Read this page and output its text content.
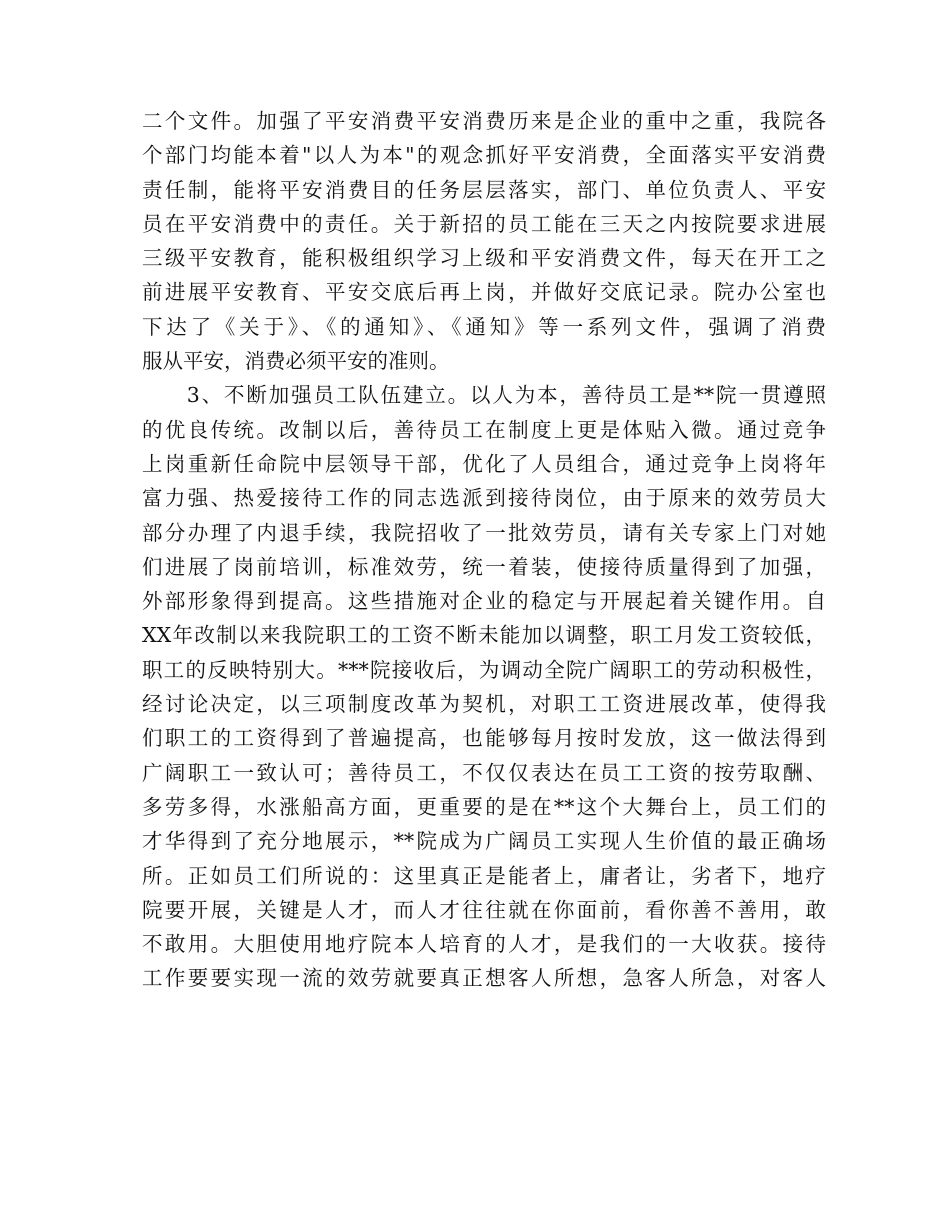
二个文件。加强了平安消费平安消费历来是企业的重中之重，我院各
个部门均能本着"以人为本"的观念抓好平安消费，全面落实平安消费
责任制，能将平安消费目的任务层层落实，部门、单位负责人、平安
员在平安消费中的责任。关于新招的员工能在三天之内按院要求进展
三级平安教育，能积极组织学习上级和平安消费文件，每天在开工之
前进展平安教育、平安交底后再上岗，并做好交底记录。院办公室也
下达了《关于》、《的通知》、《通知》等一系列文件，强调了消费
服从平安，消费必须平安的准则。
　　3、不断加强员工队伍建立。以人为本，善待员工是**院一贯遵照
的优良传统。改制以后，善待员工在制度上更是体贴入微。通过竞争
上岗重新任命院中层领导干部，优化了人员组合，通过竞争上岗将年
富力强、热爱接待工作的同志选派到接待岗位，由于原来的效劳员大
部分办理了内退手续，我院招收了一批效劳员，请有关专家上门对她
们进展了岗前培训，标准效劳，统一着装，使接待质量得到了加强，
外部形象得到提高。这些措施对企业的稳定与开展起着关键作用。自
XX年改制以来我院职工的工资不断未能加以调整，职工月发工资较低，
职工的反映特别大。***院接收后，为调动全院广阔职工的劳动积极性，
经讨论决定，以三项制度改革为契机，对职工工资进展改革，使得我
们职工的工资得到了普遍提高，也能够每月按时发放，这一做法得到
广阔职工一致认可；善待员工，不仅仅表达在员工工资的按劳取酬、
多劳多得，水涨船高方面，更重要的是在**这个大舞台上，员工们的
才华得到了充分地展示，**院成为广阔员工实现人生价值的最正确场
所。正如员工们所说的：这里真正是能者上，庸者让，劣者下，地疗
院要开展，关键是人才，而人才往往就在你面前，看你善不善用，敢
不敢用。大胆使用地疗院本人培育的人才，是我们的一大收获。接待
工作要要实现一流的效劳就要真正想客人所想，急客人所急，对客人
